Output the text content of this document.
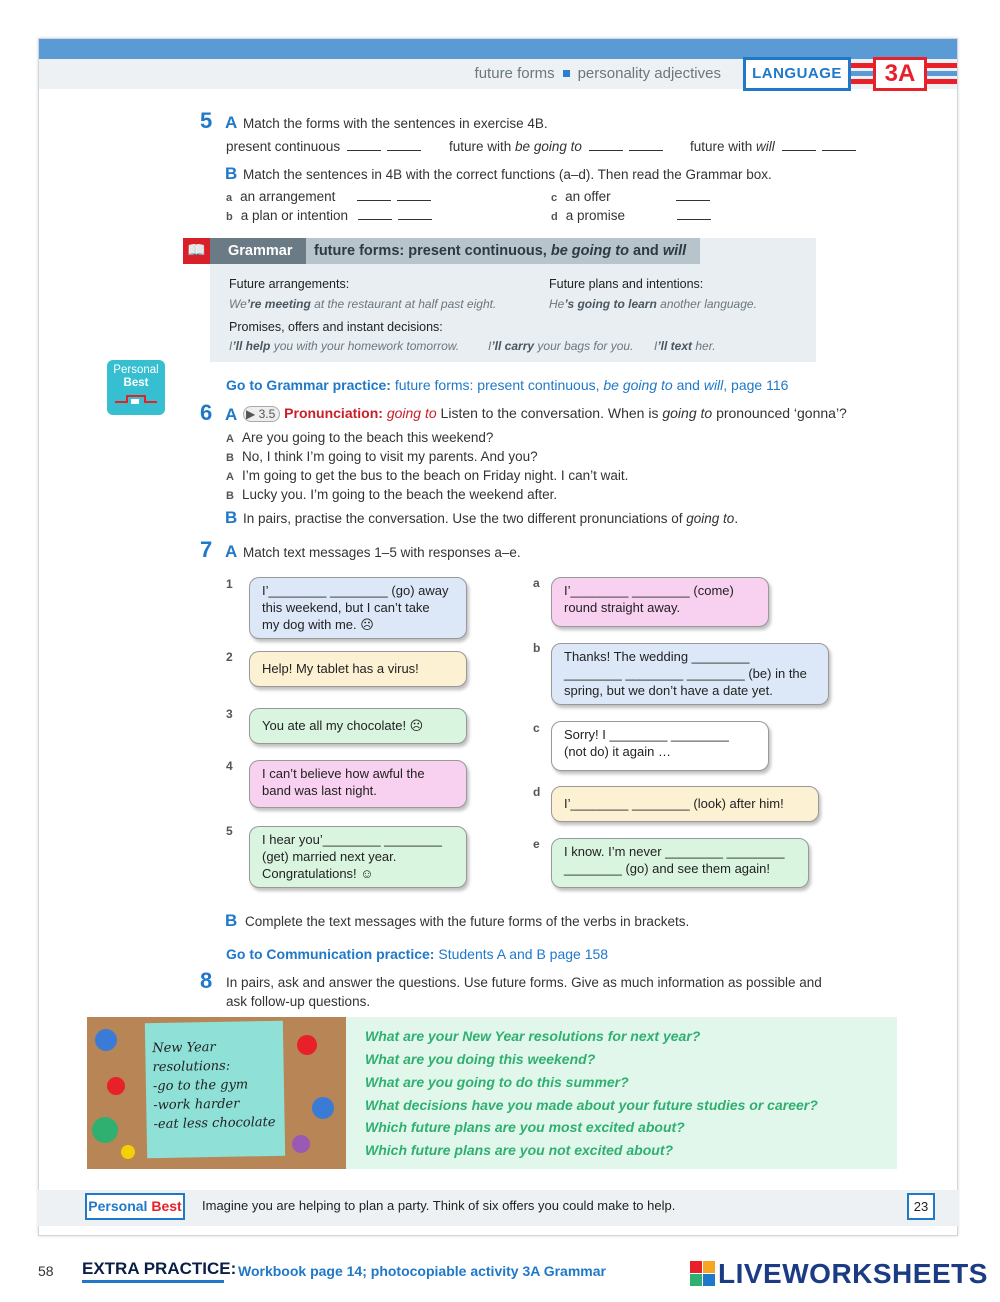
future forms personality adjectives	LANGUAGE	3A
5 A Match the forms with the sentences in exercise 4B.
present continuous	future with be going to	future with will
B Match the sentences in 4B with the correct functions (a–d). Then read the Grammar box.
a an arrangement
b a plan or intention
c an offer
d a promise
📖	Grammar	future forms: present continuous, be going to and will
Future arrangements:
We’re meeting at the restaurant at half past eight.
Future plans and intentions:
He’s going to learn another language.
Promises, offers and instant decisions:
I’ll help you with your homework tomorrow. I’ll carry your bags for you. I’ll text her.
Personal
Best	Go to Grammar practice: future forms: present continuous, be going to and will, page 116
6 A ▶ 3.5 Pronunciation: going to Listen to the conversation. When is going to pronounced ‘gonna’?
A Are you going to the beach this weekend?
B No, I think I’m going to visit my parents. And you?
A I’m going to get the bus to the beach on Friday night. I can’t wait.
B Lucky you. I’m going to the beach the weekend after.
B In pairs, practise the conversation. Use the two different pronunciations of going to.
7 A Match text messages 1–5 with responses a–e.
1	I’________ ________ (go) away
this weekend, but I can’t take
my dog with me. ☹
2
Help! My tablet has a virus!
3
You ate all my chocolate! ☹
4	I can’t believe how awful the
band was last night.
5
I hear you’________ ________
(get) married next year.
Congratulations! ☺
a	I’________ ________ (come)
round straight away.
b
Thanks! The wedding ________
________ ________ ________ (be) in the
spring, but we don’t have a date yet.
c	Sorry! I ________ ________
(not do) it again …
d
I’________ ________ (look) after him!
e	I know. I’m never ________ ________
________ (go) and see them again!
B Complete the text messages with the future forms of the verbs in brackets.
Go to Communication practice: Students A and B page 158
8 In pairs, ask and answer the questions. Use future forms. Give as much information as possible and
ask follow-up questions.
New Year
resolutions:
-go to the gym
-work harder
-eat less chocolate
What are your New Year resolutions for next year?
What are you doing this weekend?
What are you going to do this summer?
What decisions have you made about your future studies or career?
Which future plans are you most excited about?
Which future plans are you not excited about?
Personal Best Imagine you are helping to plan a party. Think of six offers you could make to help.	23
58 EXTRA PRACTICE: Workbook page 14; photocopiable activity 3A Grammar	LIVEWORKSHEETS
